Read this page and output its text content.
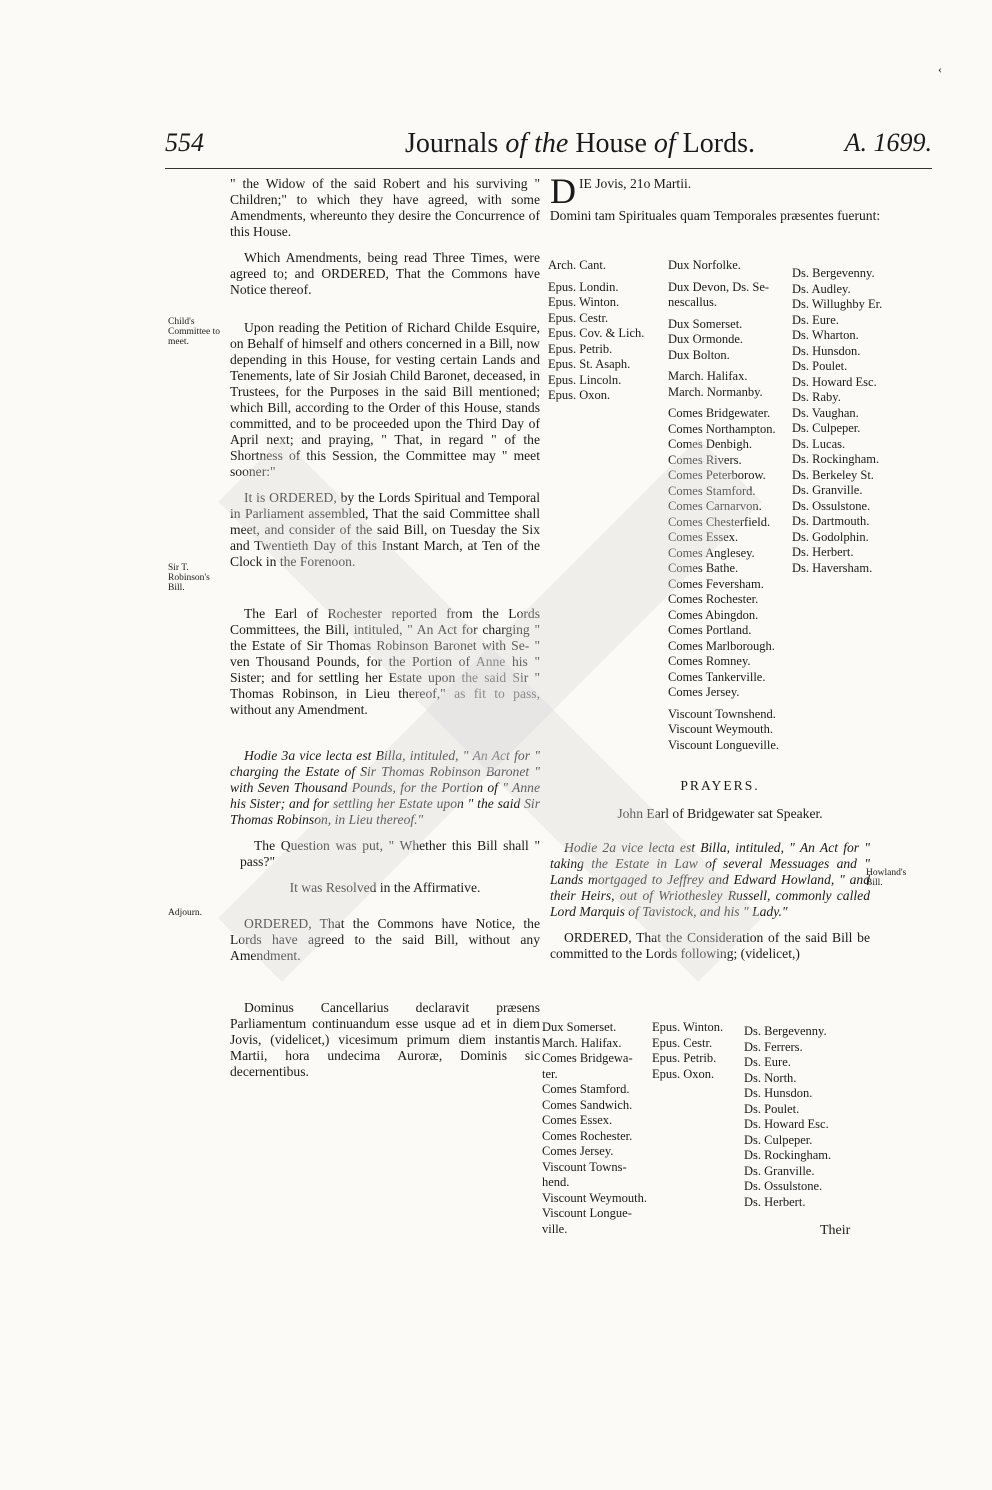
‹
554	Journals of the House of Lords.	A. 1699.

" the Widow of the said Robert and his surviving " Children;" to which they have agreed, with some Amendments, whereunto they desire the Concurrence of this House.

Which Amendments, being read Three Times, were agreed to; and ORDERED, That the Commons have Notice thereof.

Upon reading the Petition of Richard Childe Esquire, on Behalf of himself and others concerned in a Bill, now depending in this House, for vesting certain Lands and Tenements, late of Sir Josiah Child Baronet, deceased, in Trustees, for the Purposes in the said Bill mentioned; which Bill, according to the Order of this House, stands committed, and to be proceeded upon the Third Day of April next; and praying, " That, in regard " of the Shortness of this Session, the Committee may " meet sooner:"

It is ORDERED, by the Lords Spiritual and Temporal in Parliament assembled, That the said Committee shall meet, and consider of the said Bill, on Tuesday the Six and Twentieth Day of this Instant March, at Ten of the Clock in the Forenoon.

The Earl of Rochester reported from the Lords Committees, the Bill, intituled, " An Act for charging " the Estate of Sir Thomas Robinson Baronet with Se- " ven Thousand Pounds, for the Portion of Anne his " Sister; and for settling her Estate upon the said Sir " Thomas Robinson, in Lieu thereof," as fit to pass, without any Amendment.

Hodie 3a vice lecta est Billa, intituled, " An Act for " charging the Estate of Sir Thomas Robinson Baronet " with Seven Thousand Pounds, for the Portion of " Anne his Sister; and for settling her Estate upon " the said Sir Thomas Robinson, in Lieu thereof."

The Question was put, " Whether this Bill shall " pass?"

It was Resolved in the Affirmative.

ORDERED, That the Commons have Notice, the Lords have agreed to the said Bill, without any Amendment.

Dominus Cancellarius declaravit præsens Parliamentum continuandum esse usque ad et in diem Jovis, (videlicet,) vicesimum primum diem instantis Martii, hora undecima Auroræ, Dominis sic decernentibus.

Child's Committee to meet.
Sir T. Robinson's Bill.
Adjourn.
D IE Jovis, 21o Martii.

Domini tam Spirituales quam Temporales præsentes fuerunt:

Arch. Cant.

Epus. Londin.
Epus. Winton.
Epus. Cestr.
Epus. Cov. & Lich.
Epus. Petrib.
Epus. St. Asaph.
Epus. Lincoln.
Epus. Oxon.
Dux Norfolke.

Dux Devon, Ds. Se-
nescallus.

Dux Somerset.
Dux Ormonde.
Dux Bolton.

March. Halifax.
March. Normanby.

Comes Bridgewater.
Comes Northampton.
Comes Denbigh.
Comes Rivers.
Comes Peterborow.
Comes Stamford.
Comes Carnarvon.
Comes Chesterfield.
Comes Essex.
Comes Anglesey.
Comes Bathe.
Comes Feversham.
Comes Rochester.
Comes Abingdon.
Comes Portland.
Comes Marlborough.
Comes Romney.
Comes Tankerville.
Comes Jersey.

Viscount Townshend.
Viscount Weymouth.
Viscount Longueville.
Ds. Bergevenny.
Ds. Audley.
Ds. Willughby Er.
Ds. Eure.
Ds. Wharton.
Ds. Hunsdon.
Ds. Poulet.
Ds. Howard Esc.
Ds. Raby.
Ds. Vaughan.
Ds. Culpeper.
Ds. Lucas.
Ds. Rockingham.
Ds. Berkeley St.
Ds. Granville.
Ds. Ossulstone.
Ds. Dartmouth.
Ds. Godolphin.
Ds. Herbert.
Ds. Haversham.
PRAYERS.
John Earl of Bridgewater sat Speaker.

Hodie 2a vice lecta est Billa, intituled, " An Act for " taking the Estate in Law of several Messuages and " Lands mortgaged to Jeffrey and Edward Howland, " and their Heirs, out of Wriothesley Russell, commonly called Lord Marquis of Tavistock, and his " Lady."

ORDERED, That the Consideration of the said Bill be committed to the Lords following; (videlicet,)

Howland's Bill.
Dux Somerset.
March. Halifax.
Comes Bridgewa-
ter.
Comes Stamford.
Comes Sandwich.
Comes Essex.
Comes Rochester.
Comes Jersey.
Viscount Towns-
hend.
Viscount Weymouth.
Viscount Longue-
ville.
Epus. Winton.
Epus. Cestr.
Epus. Petrib.
Epus. Oxon.
Ds. Bergevenny.
Ds. Ferrers.
Ds. Eure.
Ds. North.
Ds. Hunsdon.
Ds. Poulet.
Ds. Howard Esc.
Ds. Culpeper.
Ds. Rockingham.
Ds. Granville.
Ds. Ossulstone.
Ds. Herbert.
Their
